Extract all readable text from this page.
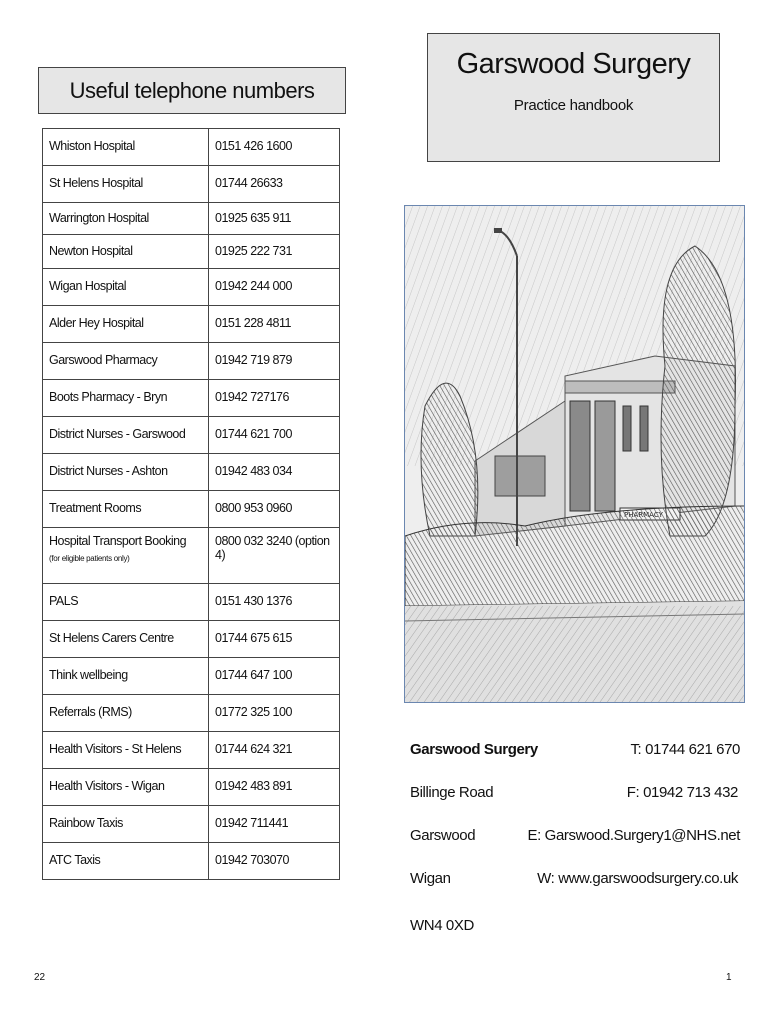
Useful telephone numbers
Whiston Hospital	0151 426 1600
St Helens Hospital	01744 26633
Warrington Hospital	01925 635 911
Newton Hospital	01925 222 731
Wigan Hospital	01942 244 000
Alder Hey Hospital	0151 228 4811
Garswood Pharmacy	01942 719 879
Boots Pharmacy - Bryn	01942 727176
District Nurses - Garswood	01744 621 700
District Nurses - Ashton	01942 483 034
Treatment Rooms	0800 953 0960
Hospital Transport Booking
(for eligible patients only)	0800 032 3240 (option 4)
PALS	0151 430 1376
St Helens Carers Centre	01744 675 615
Think wellbeing	01744 647 100
Referrals (RMS)	01772 325 100
Health Visitors - St Helens	01744 624 321
Health Visitors - Wigan	01942 483 891
Rainbow Taxis	01942 711441
ATC Taxis	01942 703070
22
Garswood Surgery
Practice handbook
Garswood Surgery	T: 01744 621 670
Billinge Road	F: 01942 713 432
Garswood	E: Garswood.Surgery1@NHS.net
Wigan	W: www.garswoodsurgery.co.uk
WN4 0XD
1
